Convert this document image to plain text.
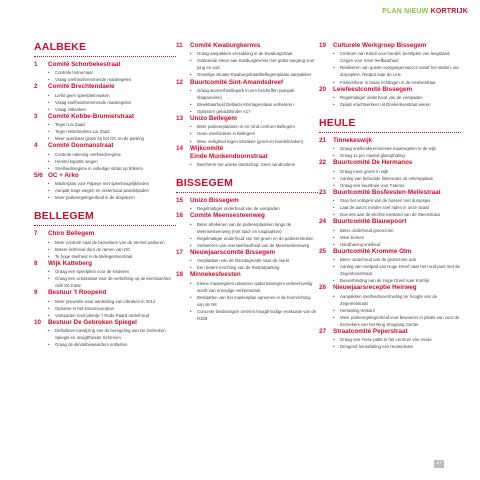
PLAN NIEUW KORTRIJK
AALBEKE
1	Comité Schorbekestraat
• Controle tonnemaat
• Vraag snelheidsremmende maatregelen
2	Comité Brechtendaele
• Liefst geen speelpleinmaken
• Vraag snelheidsremmende maatregelen
• Vraag zitbanken
3	Comité Kobbe-Brumierstraat
• Tegen Lai Zaad
• Tegen Windmolens Lai Zaad
• Meer openbaar groen bij het OC en de parking
4	Comité Doomanstraat
• Controle naleving snelheidsregime
• Herstel kapotte wegen
• Snelheidsregime in volledige straat op 50km/u
5/6 OC + Arko
• Masterplan voor Papeye met speelmogelijkheden
• Aanpak trage wegen en onderhoud wandelpaden
• Meer parkeergelegenheid in de dorpskern
BELLEGEM
7	Chiro Bellegem
• Meer controle naar de bezoekers van de Vennel parkeren
• Betere lichtinval door de ramen van OC
• Te hoge snelheid in de Bellegemsestraat
8	Wijk Katteberg
• Graag een speelplein voor de kinderen
• Graag een schakelaar voor de verlichting op de kermisachter café De Katte
9	Bestuur 't Roopeird
• Meer preventie naar aanleiding van inbraken in 2012
• Opname in het stroomvoorplan
• Voetpaden rond pleinlje 't Rode Paard onderhoud
10	Bestuur De Gebroken Spiegel
• Definitieve toewijzing van de beregeling aan De Gebroken Spiegel en Jeugdtheater Scherven
• Graag de slindelbewaarders ontlasten
11	Comité Kwaburgkermis
• Graag aanpakken verzakking in de Kwaburgstraat
• Voldoende steun aan Kwaburgkermis met gratis toegang voor jong en oud
• Onveilige situatie Kwaburgstraat/Bellegemplaats aanpakken
12	Buurtcomité Sint-Amandsdreef
• Graag wooneif Bellepark in een herdreffen (aanpak shaparcelen)
• Breekbaarheid Delhaize-Mortagerelaan verbeteren
• Oplossen geluidshinder A17
13	Unizo Bellegem
• Meer parkeerplaatsen in en rond centrum Bellegem
• Geen windmolens in Bellegem
• Meer veiligheid tegen inbraken (groot en handelszaken)
14	Wijkcomité
Einde Munkendoornstraat
• Bescherm het unieke landschap: Geen windmolens
BISSEGEM
15	Unizo Bissegem
• Regelmatiger onderhoud van de voetpaden
16	Comité Meensesteenweg
• Beter afrekenen van de parkeerplaatsen langs de Meensesteenweg (met laad- en losplaatsen)
• Regelmatiger onderhoud van het groen en de parkeerstroken
• Verbeteren van overstekhaarheid van de Meensesteenweg
17	Nieuwjaarscomité Bissegem
• Verplaatsen van de Dinsdagmarkt naar de markt
• Een betere inrichting van de Rietputparking
18	Minnekesfeesten
• Kleine maatregelen uitvoeren opdat Bissegem verkeersveilig wordt van onnodige verkeersdruk
• Bestaatten van het mastenplan opnemen in de herinrichting van de N8
• Concrete beslissingen omtrent hoogdrnodige evakuatie van de R328
19	Culturele Werkgroep Bissegem
• Centrum van Kandi voor handel, bestrijden van leegstand, zorgen voor meer leefbaarheid
• Realiseren van goede voetgangersaccez vanaf het station, via dorpsplein, Rietput naar de Leie
• Fietsverkeer in beide richtingen in de Heulsestraat
20	Leiefeestcomité Bissegem
• Regelmatiger onderhoud van de voetpaden
• Zwaar vrachtverkeer uit Driekerkenstraat weren
HEULE
21	Tinnekeswijk
• Graag snelheidsremmende maatregelen in de wijk
• Graag 1x per maand glasophaling
22	Buurtcomité De Hermanos
• Graag meer groen in wijk
• Aanleg van behoolde fietsroutes uit ontvrepplaan
• Graag een buurthuis voor Fatema
23	Buurtcomité Bosfeesten-Mellestraat
• Stop het vollopen van de bossen met dumpsjes
• Laat de auto's minder snel rijden in onze straat
• Doe iets aan de slechte toestand van de Steenstraat
24	Buurtcomité Blauwpoort
• Beter onderhoud groenzone
• Meer bomen
• Handhaving snelheid
25	Buurtcomité Kromme Olm
• Beter onderhoud van de groenzone aub
• Aanleg van voetpad van Hoge Dreef naar het rond punt met de Zegenbossstraat
• Busverbinding aan de Hoge Dreef naar Kortrijk
26	Nieuwjaarsreceptie Heirweg
• Aanpakken snelheidsovertreding ter hoogte van de Zegemetstraat
• Herstaling trottoirs
• Meer parkeergelegenheid voor bewoners in plaats van voor de bezoekers van het Ring Shopping Center
27	Straatcomité Peperstraat
• Graag een Feise patte in het centrum van Heule
• Dringend herasfalting van Heulepleats
47
